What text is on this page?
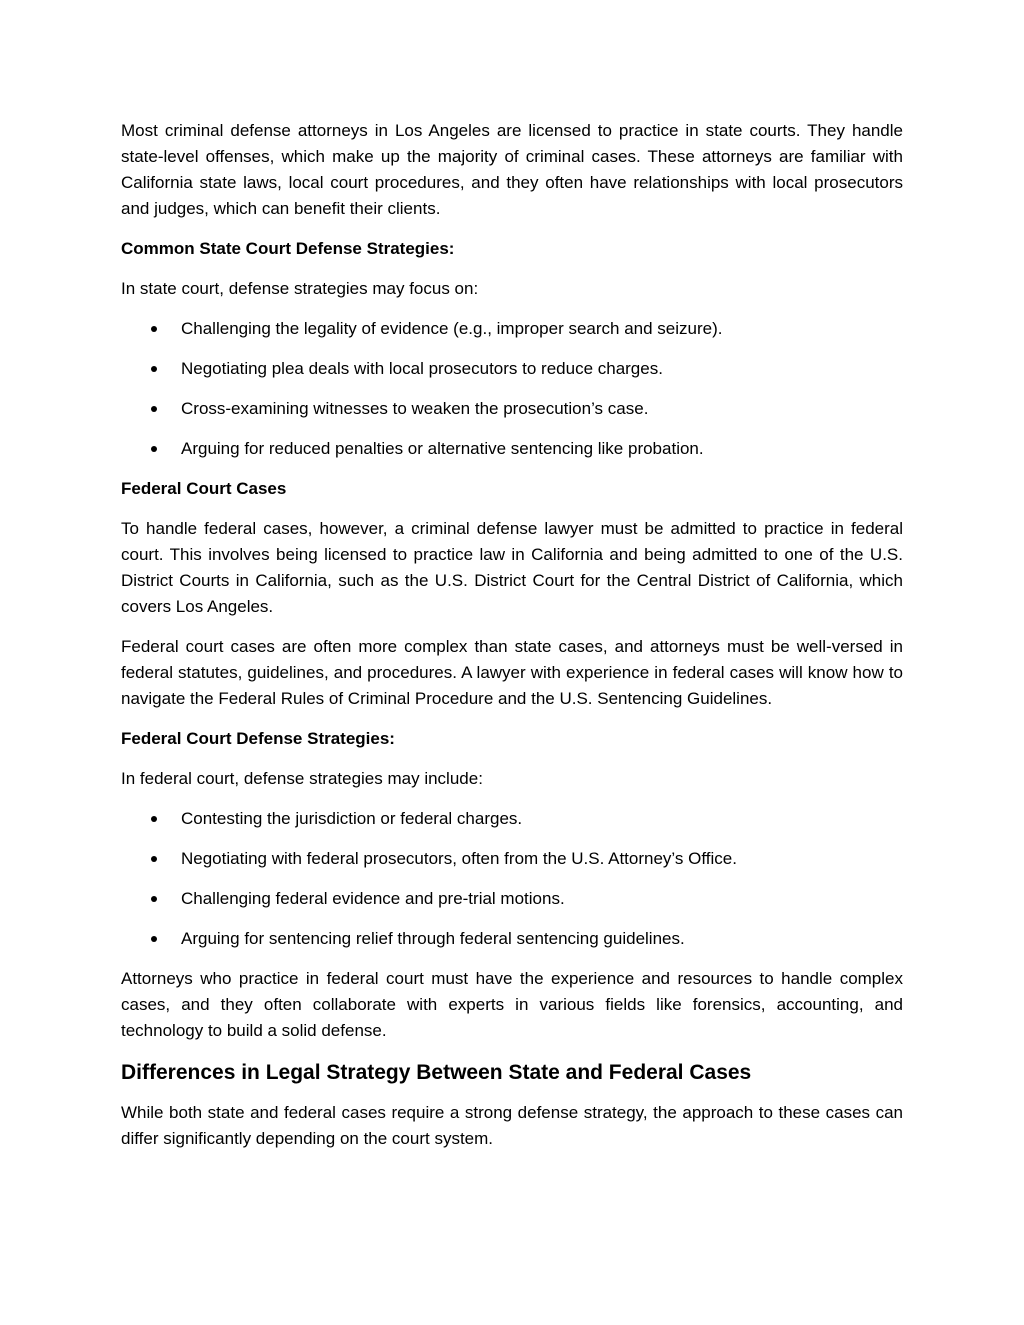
Most criminal defense attorneys in Los Angeles are licensed to practice in state courts. They handle state-level offenses, which make up the majority of criminal cases. These attorneys are familiar with California state laws, local court procedures, and they often have relationships with local prosecutors and judges, which can benefit their clients.

Common State Court Defense Strategies:

In state court, defense strategies may focus on:

Challenging the legality of evidence (e.g., improper search and seizure).
Negotiating plea deals with local prosecutors to reduce charges.
Cross-examining witnesses to weaken the prosecution’s case.
Arguing for reduced penalties or alternative sentencing like probation.

Federal Court Cases

To handle federal cases, however, a criminal defense lawyer must be admitted to practice in federal court. This involves being licensed to practice law in California and being admitted to one of the U.S. District Courts in California, such as the U.S. District Court for the Central District of California, which covers Los Angeles.

Federal court cases are often more complex than state cases, and attorneys must be well-versed in federal statutes, guidelines, and procedures. A lawyer with experience in federal cases will know how to navigate the Federal Rules of Criminal Procedure and the U.S. Sentencing Guidelines.

Federal Court Defense Strategies:

In federal court, defense strategies may include:

Contesting the jurisdiction or federal charges.
Negotiating with federal prosecutors, often from the U.S. Attorney’s Office.
Challenging federal evidence and pre-trial motions.
Arguing for sentencing relief through federal sentencing guidelines.

Attorneys who practice in federal court must have the experience and resources to handle complex cases, and they often collaborate with experts in various fields like forensics, accounting, and technology to build a solid defense.

Differences in Legal Strategy Between State and Federal Cases

While both state and federal cases require a strong defense strategy, the approach to these cases can differ significantly depending on the court system.
